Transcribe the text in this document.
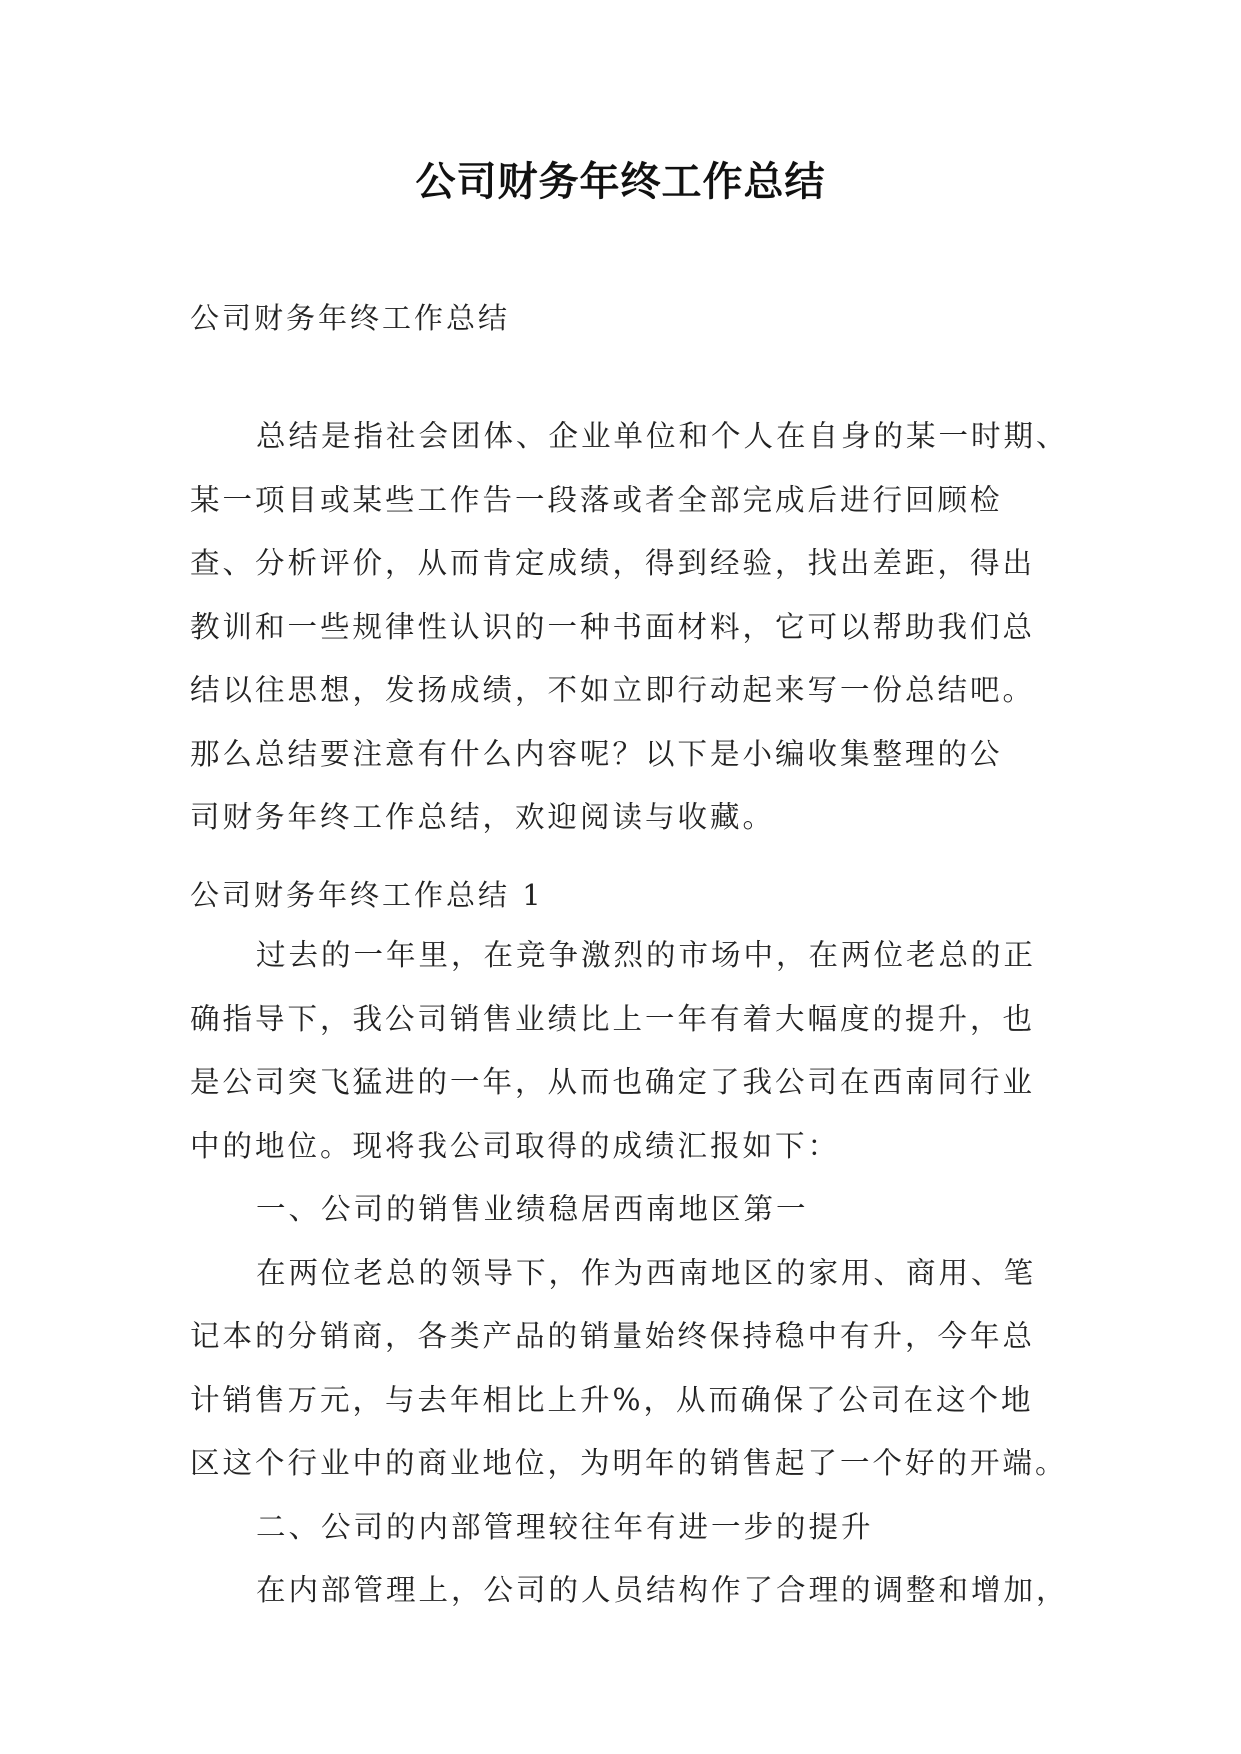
公司财务年终工作总结
公司财务年终工作总结
总结是指社会团体、企业单位和个人在自身的某一时期、
某一项目或某些工作告一段落或者全部完成后进行回顾检
查、分析评价，从而肯定成绩，得到经验，找出差距，得出
教训和一些规律性认识的一种书面材料，它可以帮助我们总
结以往思想，发扬成绩，不如立即行动起来写一份总结吧。
那么总结要注意有什么内容呢？以下是小编收集整理的公
司财务年终工作总结，欢迎阅读与收藏。
公司财务年终工作总结 1
过去的一年里，在竞争激烈的市场中，在两位老总的正
确指导下，我公司销售业绩比上一年有着大幅度的提升，也
是公司突飞猛进的一年，从而也确定了我公司在西南同行业
中的地位。现将我公司取得的成绩汇报如下：
一、公司的销售业绩稳居西南地区第一
在两位老总的领导下，作为西南地区的家用、商用、笔
记本的分销商，各类产品的销量始终保持稳中有升，今年总
计销售万元，与去年相比上升%，从而确保了公司在这个地
区这个行业中的商业地位，为明年的销售起了一个好的开端。
二、公司的内部管理较往年有进一步的提升
在内部管理上，公司的人员结构作了合理的调整和增加，
